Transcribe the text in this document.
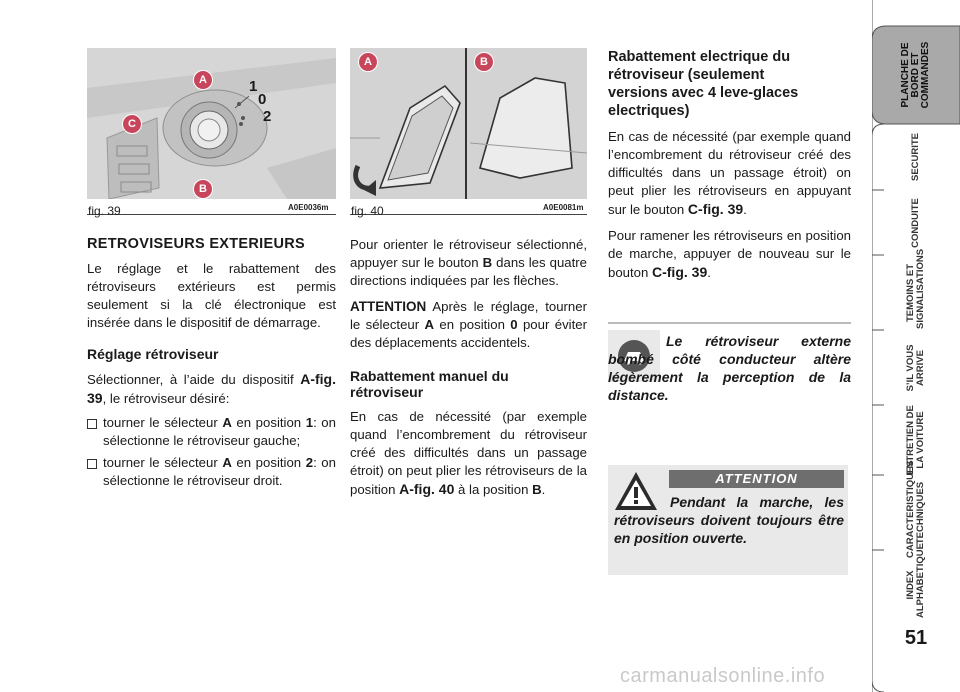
A
C
B
1
0
2
fig. 39	A0E0036m
A	B
fig. 40	A0E0081m
RETROVISEURS EXTERIEURS

Le réglage et le rabattement des rétroviseurs extérieurs est permis seulement si la clé électronique est insérée dans le dispositif de démarrage.

Réglage rétroviseur

Sélectionner, à l’aide du dispositif A-fig. 39, le rétroviseur désiré:

tourner le sélecteur A en position 1: on sélectionne le rétroviseur gauche;

tourner le sélecteur A en position 2: on sélectionne le rétroviseur droit.

Pour orienter le rétroviseur sélectionné, appuyer sur le bouton B dans les quatre directions indiquées par les flèches.

ATTENTION Après le réglage, tourner le sélecteur A en position 0 pour éviter des déplacements accidentels.

Rabattement manuel du rétroviseur

En cas de nécessité (par exemple quand l’encombrement du rétroviseur créé des difficultés dans un passage étroit) on peut plier les rétroviseurs de la position A-fig. 40 à la position B.

Rabattement electrique du rétroviseur (seulement versions avec 4 leve-glaces electriques)

En cas de nécessité (par exemple quand l’encombrement du rétroviseur créé des difficultés dans un passage étroit) on peut plier les rétroviseurs en appuyant sur le bouton C-fig. 39.

Pour ramener les rétroviseurs en position de marche, appuyer de nouveau sur le bouton C-fig. 39.

Le rétroviseur externe bombé côté conducteur altère légèrement la perception de la distance.
ATTENTION
Pendant la marche, les rétroviseurs doivent toujours être en position ouverte.
PLANCHE DE BORD ET COMMANDES
SECURITE
CONDUITE
TEMOINS ET SIGNALISATIONS
S’IL VOUS ARRIVE
ENTRETIEN DE LA VOITURE
CARACTERISTIQUES TECHNIQUES
INDEX ALPHABETIQUE
51
carmanualsonline.info
